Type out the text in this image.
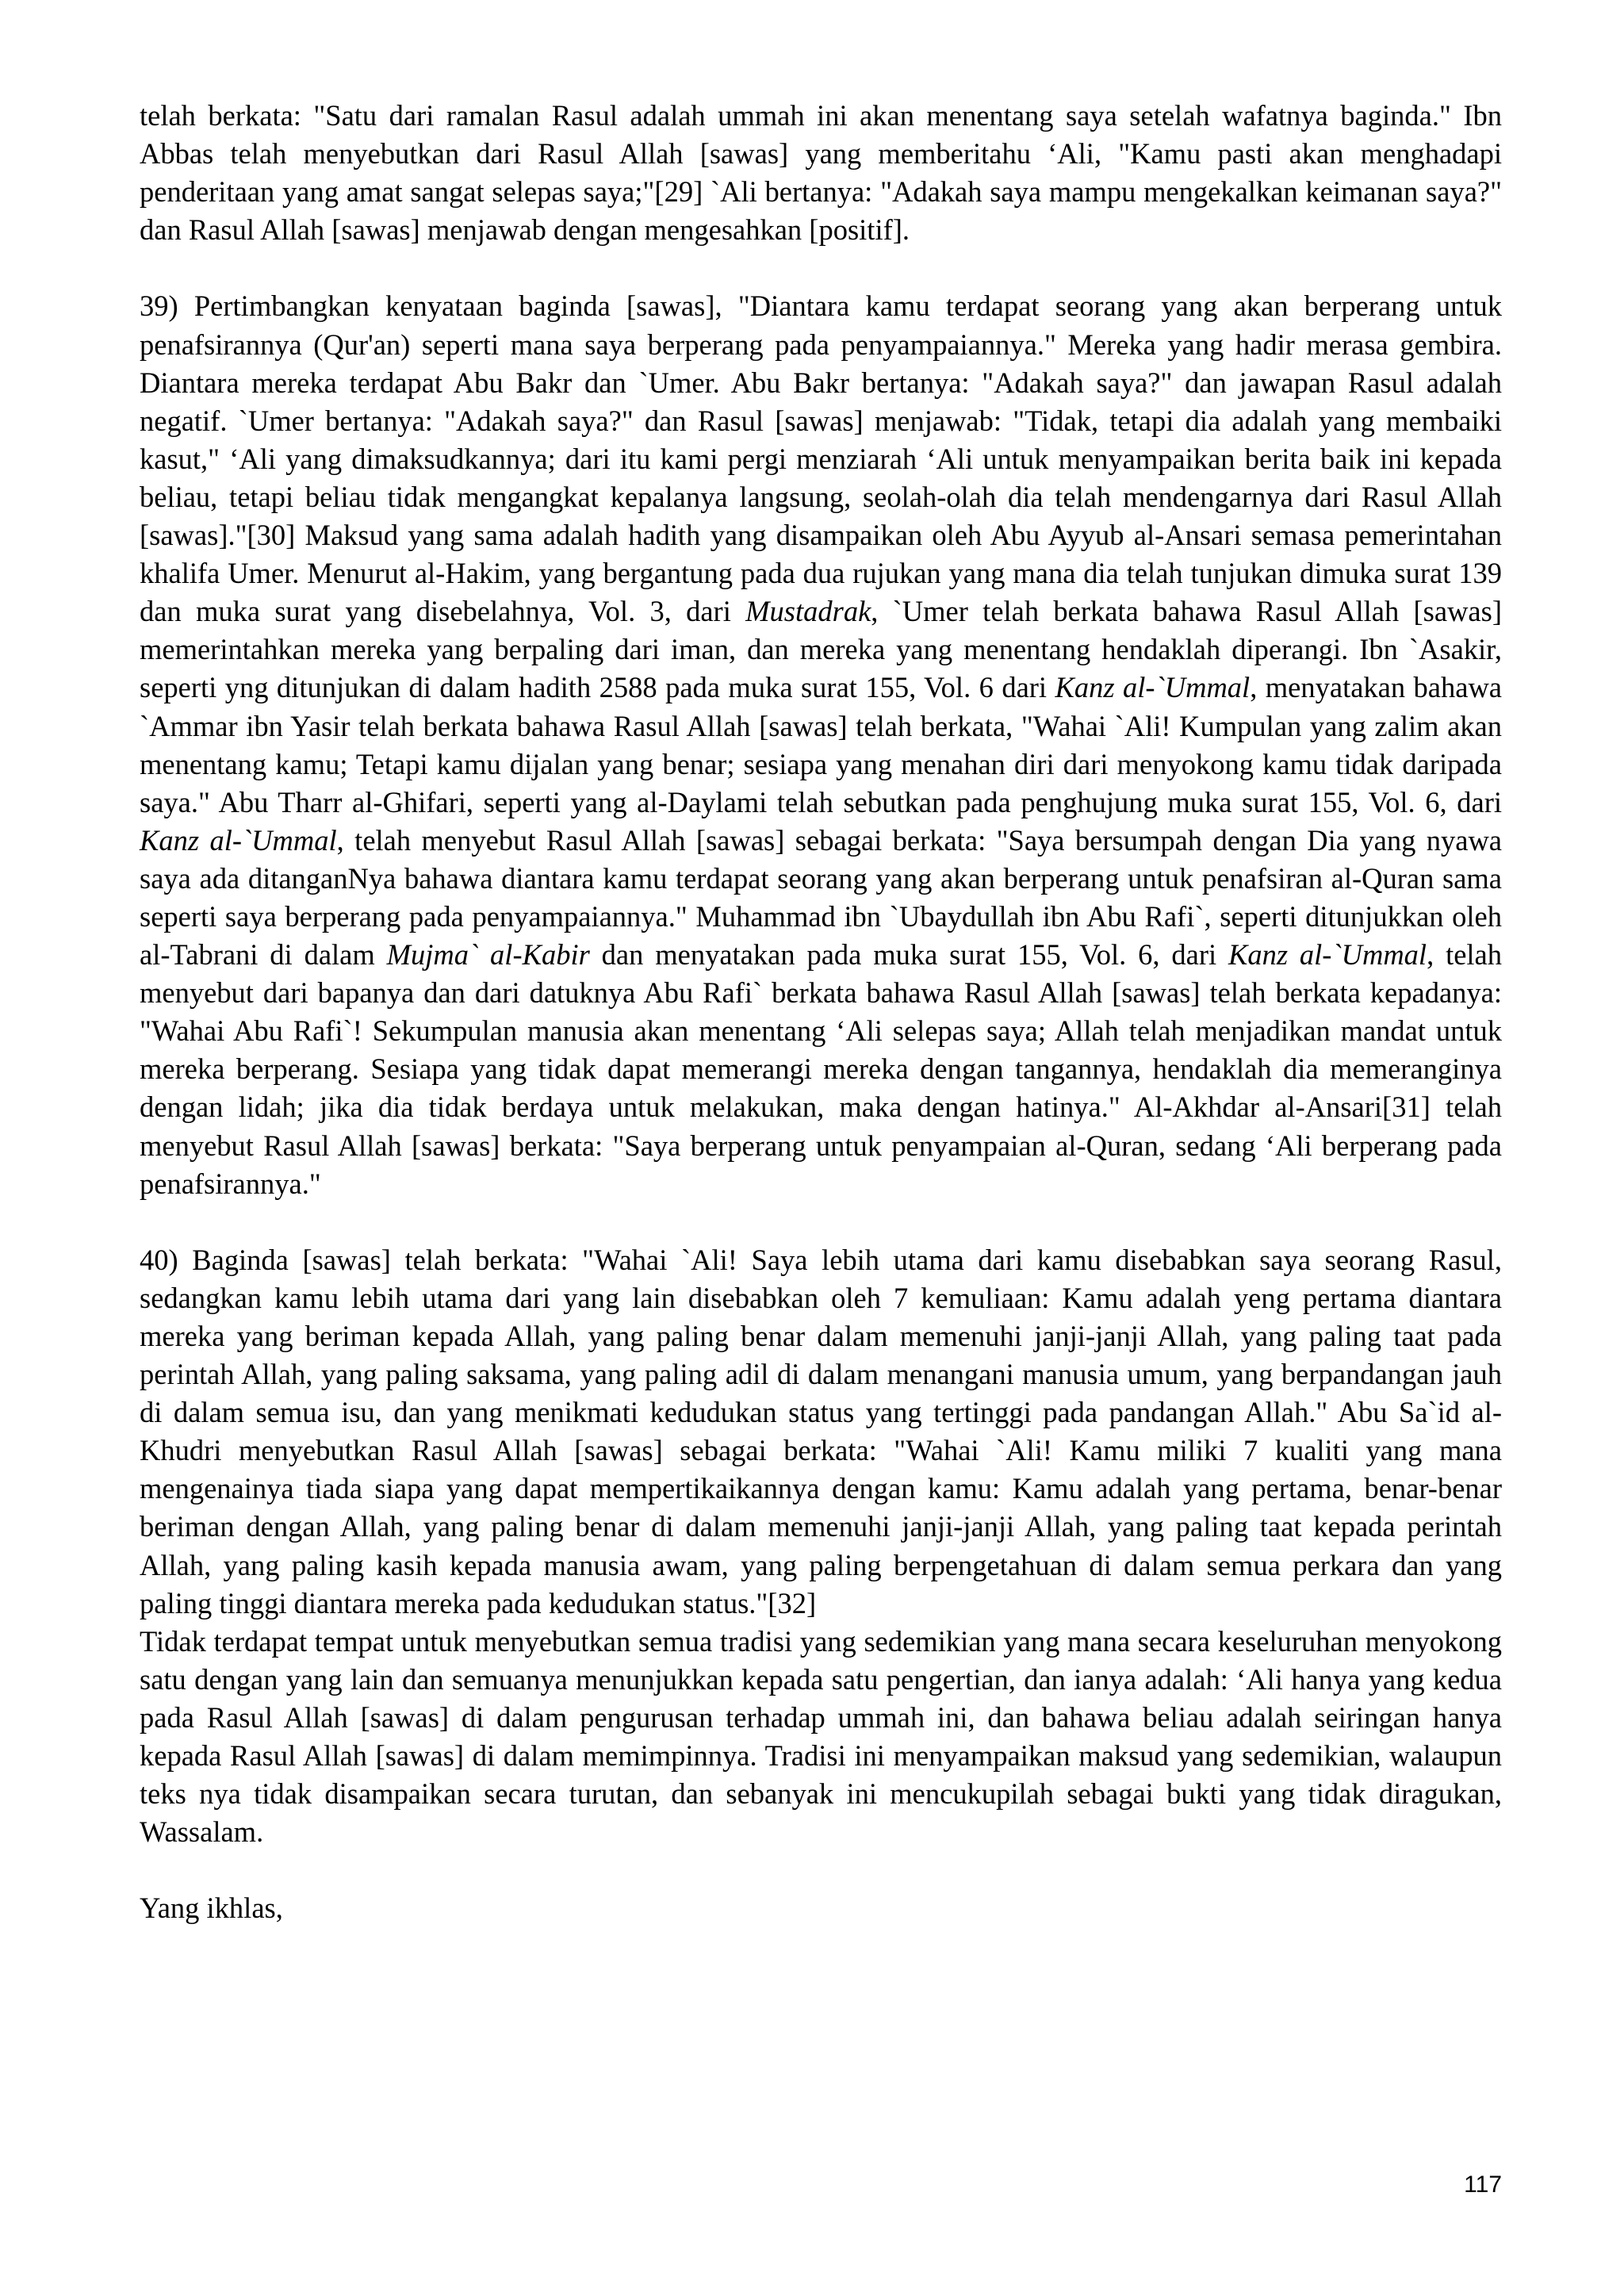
telah berkata: "Satu dari ramalan Rasul adalah ummah ini akan menentang saya setelah wafatnya baginda." Ibn Abbas telah menyebutkan dari Rasul Allah [sawas] yang memberitahu ‘Ali, "Kamu pasti akan menghadapi penderitaan yang amat sangat selepas saya;"[29] `Ali bertanya: "Adakah saya mampu mengekalkan keimanan saya?" dan Rasul Allah [sawas] menjawab dengan mengesahkan [positif].

39) Pertimbangkan kenyataan baginda [sawas], "Diantara kamu terdapat seorang yang akan berperang untuk penafsirannya (Qur'an) seperti mana saya berperang pada penyampaiannya." Mereka yang hadir merasa gembira. Diantara mereka terdapat Abu Bakr dan `Umer. Abu Bakr bertanya: "Adakah saya?" dan jawapan Rasul adalah negatif. `Umer bertanya: "Adakah saya?" dan Rasul [sawas] menjawab: "Tidak, tetapi dia adalah yang membaiki kasut," ‘Ali yang dimaksudkannya; dari itu kami pergi menziarah ‘Ali untuk menyampaikan berita baik ini kepada beliau, tetapi beliau tidak mengangkat kepalanya langsung, seolah-olah dia telah mendengarnya dari Rasul Allah [sawas]."[30] Maksud yang sama adalah hadith yang disampaikan oleh Abu Ayyub al-Ansari semasa pemerintahan khalifa Umer. Menurut al-Hakim, yang bergantung pada dua rujukan yang mana dia telah tunjukan dimuka surat 139 dan muka surat yang disebelahnya, Vol. 3, dari Mustadrak, `Umer telah berkata bahawa Rasul Allah [sawas] memerintahkan mereka yang berpaling dari iman, dan mereka yang menentang hendaklah diperangi. Ibn `Asakir, seperti yng ditunjukan di dalam hadith 2588 pada muka surat 155, Vol. 6 dari Kanz al-`Ummal, menyatakan bahawa `Ammar ibn Yasir telah berkata bahawa Rasul Allah [sawas] telah berkata, "Wahai `Ali! Kumpulan yang zalim akan menentang kamu; Tetapi kamu dijalan yang benar; sesiapa yang menahan diri dari menyokong kamu tidak daripada saya." Abu Tharr al-Ghifari, seperti yang al-Daylami telah sebutkan pada penghujung muka surat 155, Vol. 6, dari Kanz al-`Ummal, telah menyebut Rasul Allah [sawas] sebagai berkata: "Saya bersumpah dengan Dia yang nyawa saya ada ditanganNya bahawa diantara kamu terdapat seorang yang akan berperang untuk penafsiran al-Quran sama seperti saya berperang pada penyampaiannya." Muhammad ibn `Ubaydullah ibn Abu Rafi`, seperti ditunjukkan oleh al-Tabrani di dalam Mujma` al-Kabir dan menyatakan pada muka surat 155, Vol. 6, dari Kanz al-`Ummal, telah menyebut dari bapanya dan dari datuknya Abu Rafi` berkata bahawa Rasul Allah [sawas] telah berkata kepadanya: "Wahai Abu Rafi`! Sekumpulan manusia akan menentang ‘Ali selepas saya; Allah telah menjadikan mandat untuk mereka berperang. Sesiapa yang tidak dapat memerangi mereka dengan tangannya, hendaklah dia memeranginya dengan lidah; jika dia tidak berdaya untuk melakukan, maka dengan hatinya." Al-Akhdar al-Ansari[31] telah menyebut Rasul Allah [sawas] berkata: "Saya berperang untuk penyampaian al-Quran, sedang ‘Ali berperang pada penafsirannya."

40) Baginda [sawas] telah berkata: "Wahai `Ali! Saya lebih utama dari kamu disebabkan saya seorang Rasul, sedangkan kamu lebih utama dari yang lain disebabkan oleh 7 kemuliaan: Kamu adalah yeng pertama diantara mereka yang beriman kepada Allah, yang paling benar dalam memenuhi janji-janji Allah, yang paling taat pada perintah Allah, yang paling saksama, yang paling adil di dalam menangani manusia umum, yang berpandangan jauh di dalam semua isu, dan yang menikmati kedudukan status yang tertinggi pada pandangan Allah." Abu Sa`id al-Khudri menyebutkan Rasul Allah [sawas] sebagai berkata: "Wahai `Ali! Kamu miliki 7 kualiti yang mana mengenainya tiada siapa yang dapat mempertikaikannya dengan kamu: Kamu adalah yang pertama, benar-benar beriman dengan Allah, yang paling benar di dalam memenuhi janji-janji Allah, yang paling taat kepada perintah Allah, yang paling kasih kepada manusia awam, yang paling berpengetahuan di dalam semua perkara dan yang paling tinggi diantara mereka pada kedudukan status."[32]

Tidak terdapat tempat untuk menyebutkan semua tradisi yang sedemikian yang mana secara keseluruhan menyokong satu dengan yang lain dan semuanya menunjukkan kepada satu pengertian, dan ianya adalah: ‘Ali hanya yang kedua pada Rasul Allah [sawas] di dalam pengurusan terhadap ummah ini, dan bahawa beliau adalah seiringan hanya kepada Rasul Allah [sawas] di dalam memimpinnya. Tradisi ini menyampaikan maksud yang sedemikian, walaupun teks nya tidak disampaikan secara turutan, dan sebanyak ini mencukupilah sebagai bukti yang tidak diragukan, Wassalam.

Yang ikhlas,

117
